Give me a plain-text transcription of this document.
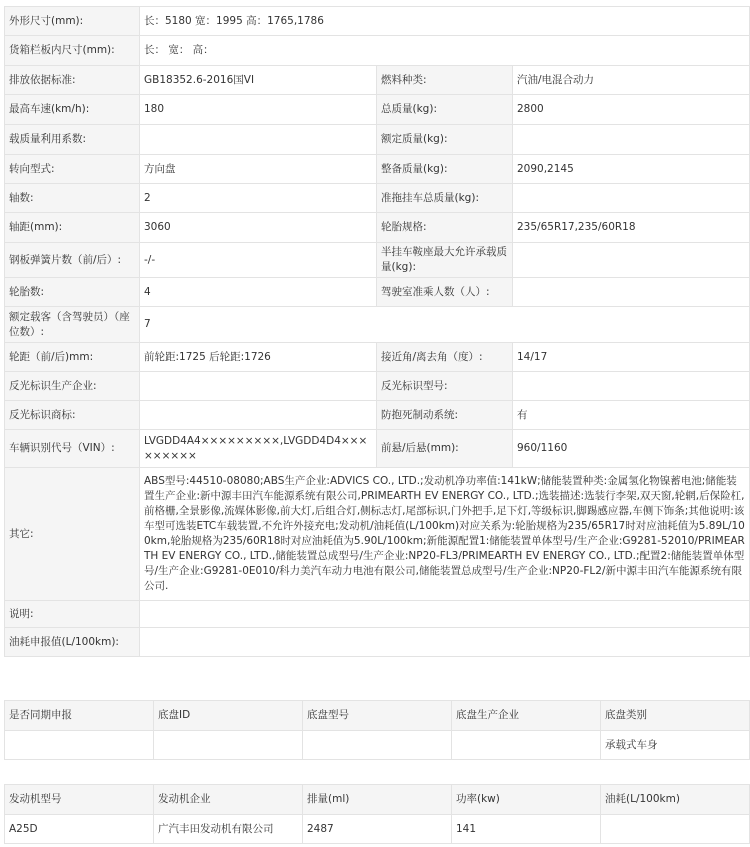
外形尺寸(mm):	长：5180 宽：1995 高：1765,1786		
货箱栏板内尺寸(mm):	长： 宽： 高：		
排放依据标准:	GB18352.6-2016国VI	燃料种类:	汽油/电混合动力
最高车速(km/h):	180	总质量(kg):	2800
载质量利用系数:		额定质量(kg):	
转向型式:	方向盘	整备质量(kg):	2090,2145
轴数:	2	准拖挂车总质量(kg):	
轴距(mm):	3060	轮胎规格:	235/65R17,235/60R18
钢板弹簧片数（前/后）:	-/-	半挂车鞍座最大允许承载质量(kg):	
轮胎数:	4	驾驶室准乘人数（人）:	
额定载客（含驾驶员）（座位数）:	7		
轮距（前/后)mm:	前轮距:1725 后轮距:1726	接近角/离去角（度）:	14/17
反光标识生产企业:		反光标识型号:	
反光标识商标:		防抱死制动系统:	有
车辆识别代号（VIN）:	LVGDD4A4×××××××××,LVGDD4D4×××××××××	前悬/后悬(mm):	960/1160
其它:	ABS型号:44510-08080;ABS生产企业:ADVICS CO., LTD.;发动机净功率值:141kW;储能装置种类:金属氢化物镍蓄电池;储能装置生产企业:新中源丰田汽车能源系统有限公司,PRIMEARTH EV ENERGY CO., LTD.;选装描述:选装行李架,双天窗,轮辋,后保险杠,前格栅,全景影像,流媒体影像,前大灯,后组合灯,侧标志灯,尾部标识,门外把手,足下灯,等级标识,脚踢感应器,车侧下饰条;其他说明:该车型可选装ETC车载装置,不允许外接充电;发动机/油耗值(L/100km)对应关系为:轮胎规格为235/65R17时对应油耗值为5.89L/100km,轮胎规格为235/60R18时对应油耗值为5.90L/100km;新能源配置1:储能装置单体型号/生产企业:G9281-52010/PRIMEARTH EV ENERGY CO., LTD.,储能装置总成型号/生产企业:NP20-FL3/PRIMEARTH EV ENERGY CO., LTD.;配置2:储能装置单体型号/生产企业:G9281-0E010/科力美汽车动力电池有限公司,储能装置总成型号/生产企业:NP20-FL2/新中源丰田汽车能源系统有限公司.		
说明:			
油耗申报值(L/100km):			
是否同期申报	底盘ID	底盘型号	底盘生产企业	底盘类别
				承载式车身
发动机型号	发动机企业	排量(ml)	功率(kw)	油耗(L/100km)
A25D	广汽丰田发动机有限公司	2487	141	
